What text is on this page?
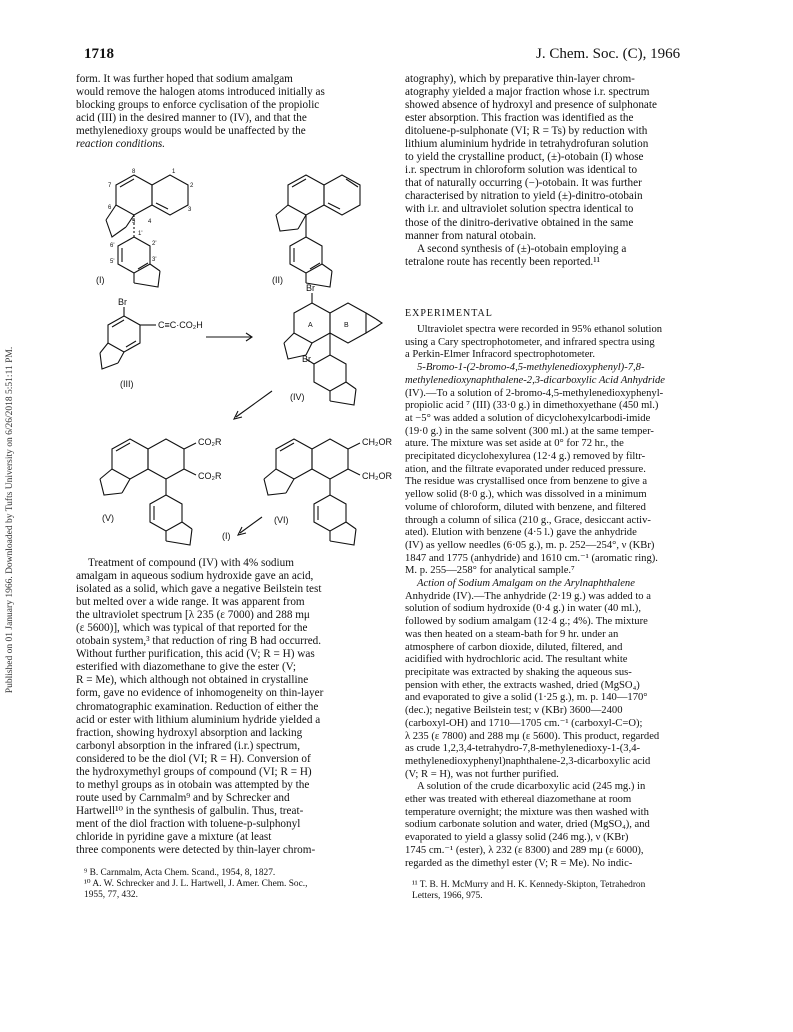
Published on 01 January 1966. Downloaded by Tufts University on 6/26/2018 5:51:11 PM.
1718	J. Chem. Soc. (C), 1966
form. It was further hoped that sodium amalgam
would remove the halogen atoms introduced initially as
blocking groups to enforce cyclisation of the propiolic
acid (III) in the desired manner to (IV), and that the
methylenedioxy groups would be unaffected by the
reaction conditions.
(I)	(II)
(III)
(IV)
(V)	(VI)
(I)
Br
C≡C·CO₂H
Br
Br
CO₂R
CO₂R
CH₂OR
CH₂OR
8
7
6
5 4
3
2
1
1'
2'
3'
5'
6'
A	B
Treatment of compound (IV) with 4% sodium
amalgam in aqueous sodium hydroxide gave an acid,
isolated as a solid, which gave a negative Beilstein test
but melted over a wide range. It was apparent from
the ultraviolet spectrum [λ 235 (ε 7000) and 288 mμ
(ε 5600)], which was typical of that reported for the
otobain system,³ that reduction of ring B had occurred.
Without further purification, this acid (V; R = H) was
esterified with diazomethane to give the ester (V;
R = Me), which although not obtained in crystalline
form, gave no evidence of inhomogeneity on thin-layer
chromatographic examination. Reduction of either the
acid or ester with lithium aluminium hydride yielded a
fraction, showing hydroxyl absorption and lacking
carbonyl absorption in the infrared (i.r.) spectrum,
considered to be the diol (VI; R = H). Conversion of
the hydroxymethyl groups of compound (VI; R = H)
to methyl groups as in otobain was attempted by the
route used by Carnmalm⁹ and by Schrecker and
Hartwell¹⁰ in the synthesis of galbulin. Thus, treat-
ment of the diol fraction with toluene-p-sulphonyl
chloride in pyridine gave a mixture (at least
three components were detected by thin-layer chrom-
⁹ B. Carnmalm, Acta Chem. Scand., 1954, 8, 1827.
¹⁰ A. W. Schrecker and J. L. Hartwell, J. Amer. Chem. Soc.,
1955, 77, 432.
atography), which by preparative thin-layer chrom-
atography yielded a major fraction whose i.r. spectrum
showed absence of hydroxyl and presence of sulphonate
ester absorption. This fraction was identified as the
ditoluene-p-sulphonate (VI; R = Ts) by reduction with
lithium aluminium hydride in tetrahydrofuran solution
to yield the crystalline product, (±)-otobain (I) whose
i.r. spectrum in chloroform solution was identical to
that of naturally occurring (−)-otobain. It was further
characterised by nitration to yield (±)-dinitro-otobain
with i.r. and ultraviolet solution spectra identical to
those of the dinitro-derivative obtained in the same
manner from natural otobain.
A second synthesis of (±)-otobain employing a
tetralone route has recently been reported.¹¹
EXPERIMENTAL
Ultraviolet spectra were recorded in 95% ethanol solution
using a Cary spectrophotometer, and infrared spectra using
a Perkin-Elmer Infracord spectrophotometer.
5-Bromo-1-(2-bromo-4,5-methylenedioxyphenyl)-7,8-
methylenedioxynaphthalene-2,3-dicarboxylic Acid Anhydride
(IV).—To a solution of 2-bromo-4,5-methylenedioxyphenyl-
propiolic acid ⁷ (III) (33·0 g.) in dimethoxyethane (450 ml.)
at −5° was added a solution of dicyclohexylcarbodi-imide
(19·0 g.) in the same solvent (300 ml.) at the same temper-
ature. The mixture was set aside at 0° for 72 hr., the
precipitated dicyclohexylurea (12·4 g.) removed by filtr-
ation, and the filtrate evaporated under reduced pressure.
The residue was crystallised once from benzene to give a
yellow solid (8·0 g.), which was dissolved in a minimum
volume of chloroform, diluted with benzene, and filtered
through a column of silica (210 g., Grace, desiccant activ-
ated). Elution with benzene (4·5 l.) gave the anhydride
(IV) as yellow needles (6·05 g.), m. p. 252—254°, ν (KBr)
1847 and 1775 (anhydride) and 1610 cm.⁻¹ (aromatic ring).
M. p. 255—258° for analytical sample.⁷
Action of Sodium Amalgam on the Arylnaphthalene
Anhydride (IV).—The anhydride (2·19 g.) was added to a
solution of sodium hydroxide (0·4 g.) in water (40 ml.),
followed by sodium amalgam (12·4 g.; 4%). The mixture
was then heated on a steam-bath for 9 hr. under an
atmosphere of carbon dioxide, diluted, filtered, and
acidified with hydrochloric acid. The resultant white
precipitate was extracted by shaking the aqueous sus-
pension with ether, the extracts washed, dried (MgSO₄)
and evaporated to give a solid (1·25 g.), m. p. 140—170°
(dec.); negative Beilstein test; ν (KBr) 3600—2400
(carboxyl-OH) and 1710—1705 cm.⁻¹ (carboxyl-C=O);
λ 235 (ε 7800) and 288 mμ (ε 5600). This product, regarded
as crude 1,2,3,4-tetrahydro-7,8-methylenedioxy-1-(3,4-
methylenedioxyphenyl)naphthalene-2,3-dicarboxylic acid
(V; R = H), was not further purified.
A solution of the crude dicarboxylic acid (245 mg.) in
ether was treated with ethereal diazomethane at room
temperature overnight; the mixture was then washed with
sodium carbonate solution and water, dried (MgSO₄), and
evaporated to yield a glassy solid (246 mg.), ν (KBr)
1745 cm.⁻¹ (ester), λ 232 (ε 8300) and 289 mμ (ε 6000),
regarded as the dimethyl ester (V; R = Me). No indic-
¹¹ T. B. H. McMurry and H. K. Kennedy-Skipton, Tetrahedron
Letters, 1966, 975.
